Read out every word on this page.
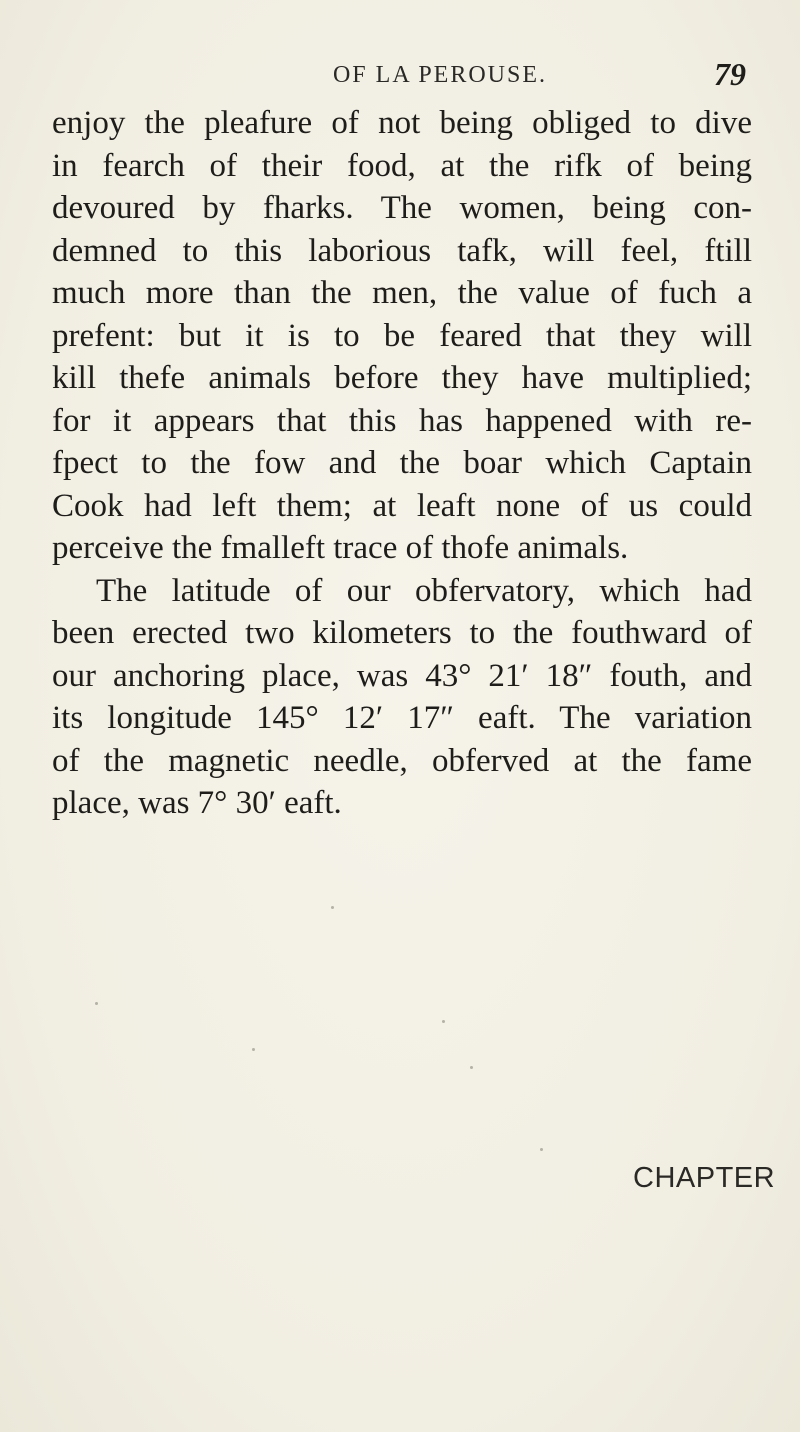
OF LA PEROUSE.	79
enjoy the pleafure of not being obliged to dive
in fearch of their food, at the rifk of being
devoured by fharks. The women, being con-
demned to this laborious tafk, will feel, ftill
much more than the men, the value of fuch a
prefent: but it is to be feared that they will
kill thefe animals before they have multiplied;
for it appears that this has happened with re-
fpect to the fow and the boar which Captain
Cook had left them; at leaft none of us could
perceive the fmalleft trace of thofe animals.
The latitude of our obfervatory, which had
been erected two kilometers to the fouthward of
our anchoring place, was 43° 21′ 18″ fouth, and
its longitude 145° 12′ 17″ eaft. The variation
of the magnetic needle, obferved at the fame
place, was 7° 30′ eaft.
CHAPTER
